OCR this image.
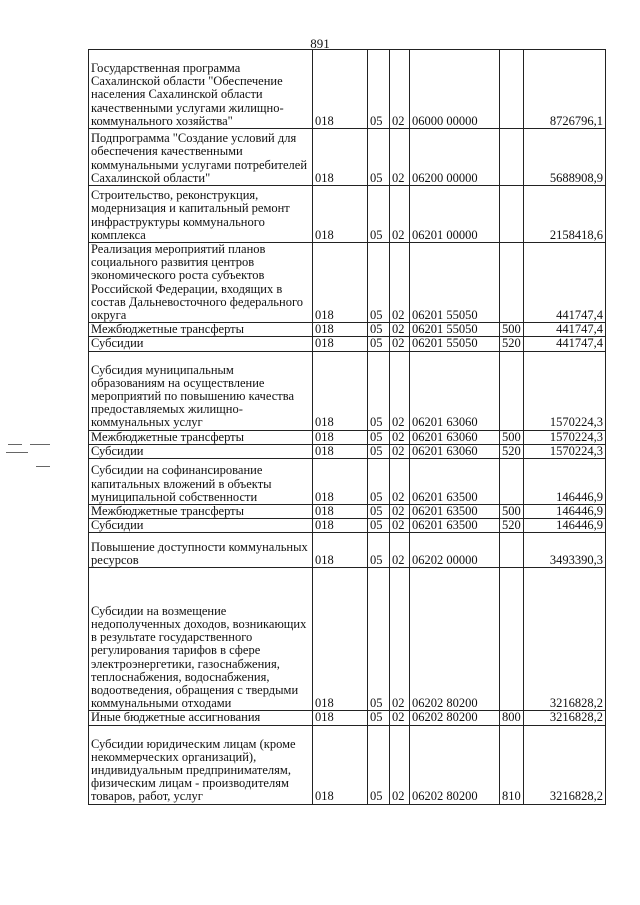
891
Государственная программа Сахалинской области "Обеспечение населения Сахалинской области качественными услугами жилищно-коммунального хозяйства"	018	05	02	06000 00000		8726796,1
Подпрограмма "Создание условий для обеспечения качественными коммунальными услугами потребителей Сахалинской области"	018	05	02	06200 00000		5688908,9
Строительство, реконструкция, модернизация и капитальный ремонт инфраструктуры коммунального комплекса	018	05	02	06201 00000		2158418,6
Реализация мероприятий планов социального развития центров экономического роста субъектов Российской Федерации, входящих в состав Дальневосточного федерального округа	018	05	02	06201 55050		441747,4
Межбюджетные трансферты	018	05	02	06201 55050	500	441747,4
Субсидии	018	05	02	06201 55050	520	441747,4
Субсидия муниципальным образованиям на осуществление мероприятий по повышению качества предоставляемых жилищно-коммунальных услуг	018	05	02	06201 63060		1570224,3
Межбюджетные трансферты	018	05	02	06201 63060	500	1570224,3
Субсидии	018	05	02	06201 63060	520	1570224,3
Субсидии на софинансирование капитальных вложений в объекты муниципальной собственности	018	05	02	06201 63500		146446,9
Межбюджетные трансферты	018	05	02	06201 63500	500	146446,9
Субсидии	018	05	02	06201 63500	520	146446,9
Повышение доступности коммунальных ресурсов	018	05	02	06202 00000		3493390,3
Субсидии на возмещение недополученных доходов, возникающих в результате государственного регулирования тарифов в сфере электроэнергетики, газоснабжения, теплоснабжения, водоснабжения, водоотведения, обращения с твердыми коммунальными отходами	018	05	02	06202 80200		3216828,2
Иные бюджетные ассигнования	018	05	02	06202 80200	800	3216828,2
Субсидии юридическим лицам (кроме некоммерческих организаций), индивидуальным предпринимателям, физическим лицам - производителям товаров, работ, услуг	018	05	02	06202 80200	810	3216828,2
